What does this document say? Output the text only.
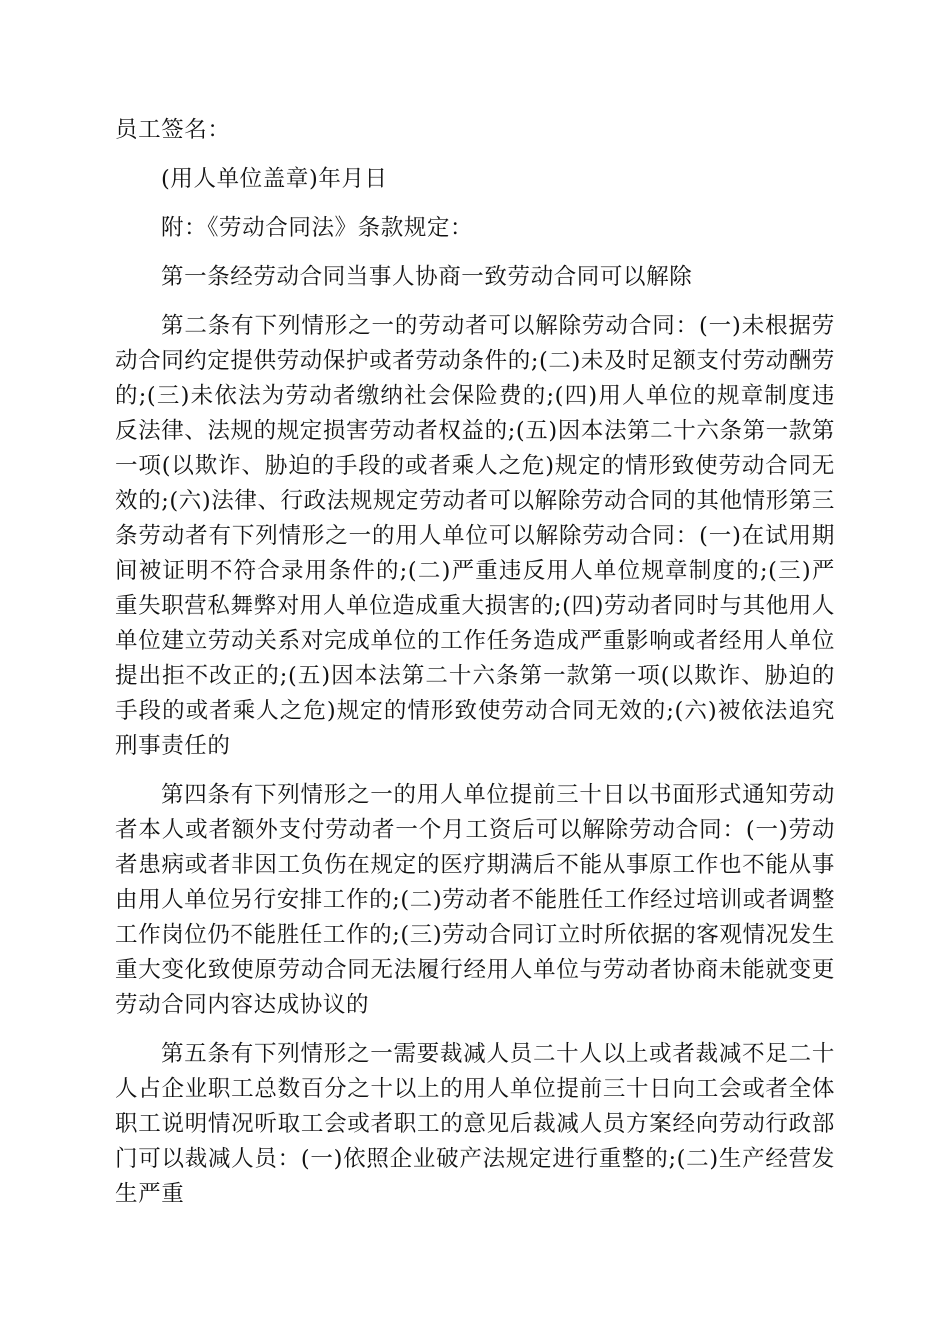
员工签名：

(用人单位盖章)年月日

附：《劳动合同法》条款规定：

第一条经劳动合同当事人协商一致劳动合同可以解除

第二条有下列情形之一的劳动者可以解除劳动合同：(一)未根据劳动合同约定提供劳动保护或者劳动条件的;(二)未及时足额支付劳动酬劳的;(三)未依法为劳动者缴纳社会保险费的;(四)用人单位的规章制度违反法律、法规的规定损害劳动者权益的;(五)因本法第二十六条第一款第一项(以欺诈、胁迫的手段的或者乘人之危)规定的情形致使劳动合同无效的;(六)法律、行政法规规定劳动者可以解除劳动合同的其他情形第三条劳动者有下列情形之一的用人单位可以解除劳动合同：(一)在试用期间被证明不符合录用条件的;(二)严重违反用人单位规章制度的;(三)严重失职营私舞弊对用人单位造成重大损害的;(四)劳动者同时与其他用人单位建立劳动关系对完成单位的工作任务造成严重影响或者经用人单位提出拒不改正的;(五)因本法第二十六条第一款第一项(以欺诈、胁迫的手段的或者乘人之危)规定的情形致使劳动合同无效的;(六)被依法追究刑事责任的

第四条有下列情形之一的用人单位提前三十日以书面形式通知劳动者本人或者额外支付劳动者一个月工资后可以解除劳动合同：(一)劳动者患病或者非因工负伤在规定的医疗期满后不能从事原工作也不能从事由用人单位另行安排工作的;(二)劳动者不能胜任工作经过培训或者调整工作岗位仍不能胜任工作的;(三)劳动合同订立时所依据的客观情况发生重大变化致使原劳动合同无法履行经用人单位与劳动者协商未能就变更劳动合同内容达成协议的

第五条有下列情形之一需要裁减人员二十人以上或者裁减不足二十人占企业职工总数百分之十以上的用人单位提前三十日向工会或者全体职工说明情况听取工会或者职工的意见后裁减人员方案经向劳动行政部门可以裁减人员：(一)依照企业破产法规定进行重整的;(二)生产经营发生严重
